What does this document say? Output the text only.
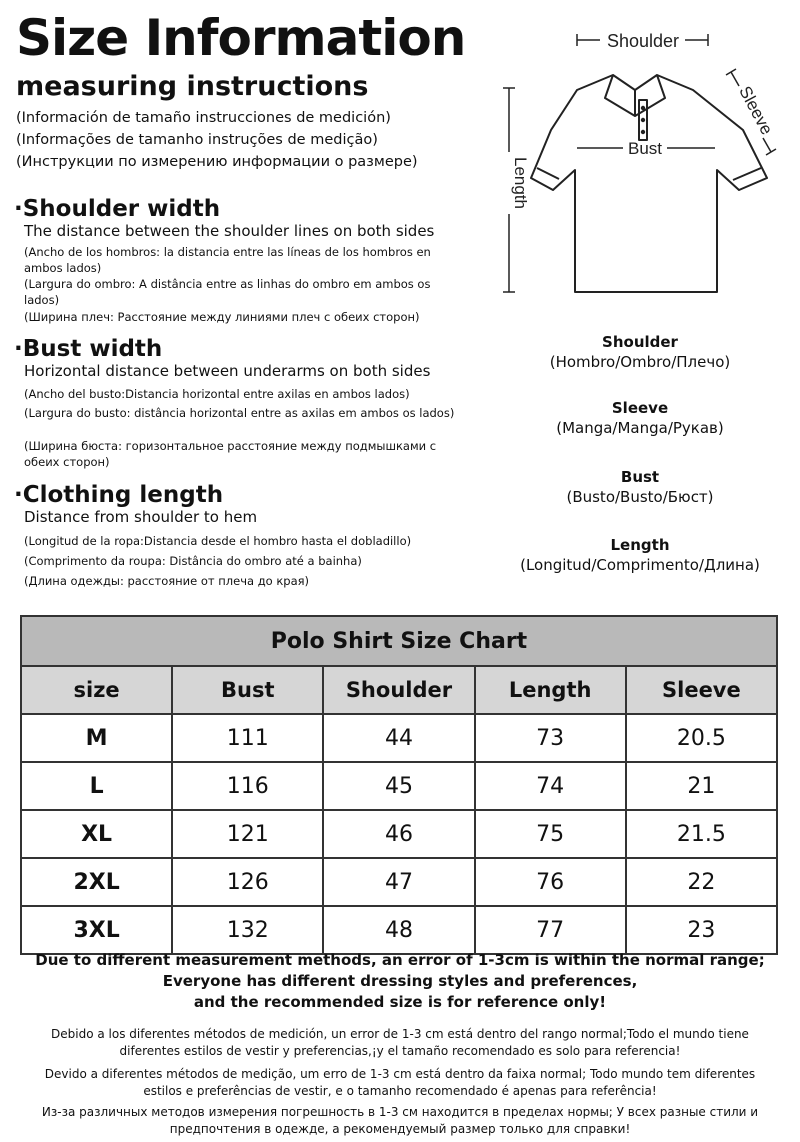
Size Information
measuring instructions
(Información de tamaño instrucciones de medición)
(Informações de tamanho instruções de medição)
(Инструкции по измерению информации о размере)
·Shoulder width
The distance between the shoulder lines on both sides
(Ancho de los hombros: la distancia entre las líneas de los hombros en ambos lados)
(Largura do ombro: A distância entre as linhas do ombro em ambos os lados)
(Ширина плеч: Расстояние между линиями плеч с обеих сторон)
·Bust width
Horizontal distance between underarms on both sides
(Ancho del busto:Distancia horizontal entre axilas en ambos lados)
(Largura do busto: distância horizontal entre as axilas em ambos os lados)
(Ширина бюста: горизонтальное расстояние между подмышками с обеих сторон)
·Clothing length
Distance from shoulder to hem
(Longitud de la ropa:Distancia desde el hombro hasta el dobladillo)
(Comprimento da roupa: Distância do ombro até a bainha)
(Длина одежды: расстояние от плеча до края)
Shoulder
Bust
Length
Sleeve
Shoulder
(Hombro/Ombro/Плечо)
Sleeve
(Manga/Manga/Рукав)
Bust
(Busto/Busto/Бюст)
Length
(Longitud/Comprimento/Длина)
Polo Shirt Size Chart
size	Bust	Shoulder	Length	Sleeve
M	111	44	73	20.5
L	116	45	74	21
XL	121	46	75	21.5
2XL	126	47	76	22
3XL	132	48	77	23
Due to different measurement methods, an error of 1-3cm is within the normal range;
Everyone has different dressing styles and preferences,
and the recommended size is for reference only!
Debido a los diferentes métodos de medición, un error de 1-3 cm está dentro del rango normal;Todo el mundo tiene diferentes estilos de vestir y preferencias,¡y el tamaño recomendado es solo para referencia!
Devido a diferentes métodos de medição, um erro de 1-3 cm está dentro da faixa normal; Todo mundo tem diferentes estilos e preferências de vestir, e o tamanho recomendado é apenas para referência!
Из-за различных методов измерения погрешность в 1-3 см находится в пределах нормы; У всех разные стили и предпочтения в одежде, а рекомендуемый размер только для справки!
